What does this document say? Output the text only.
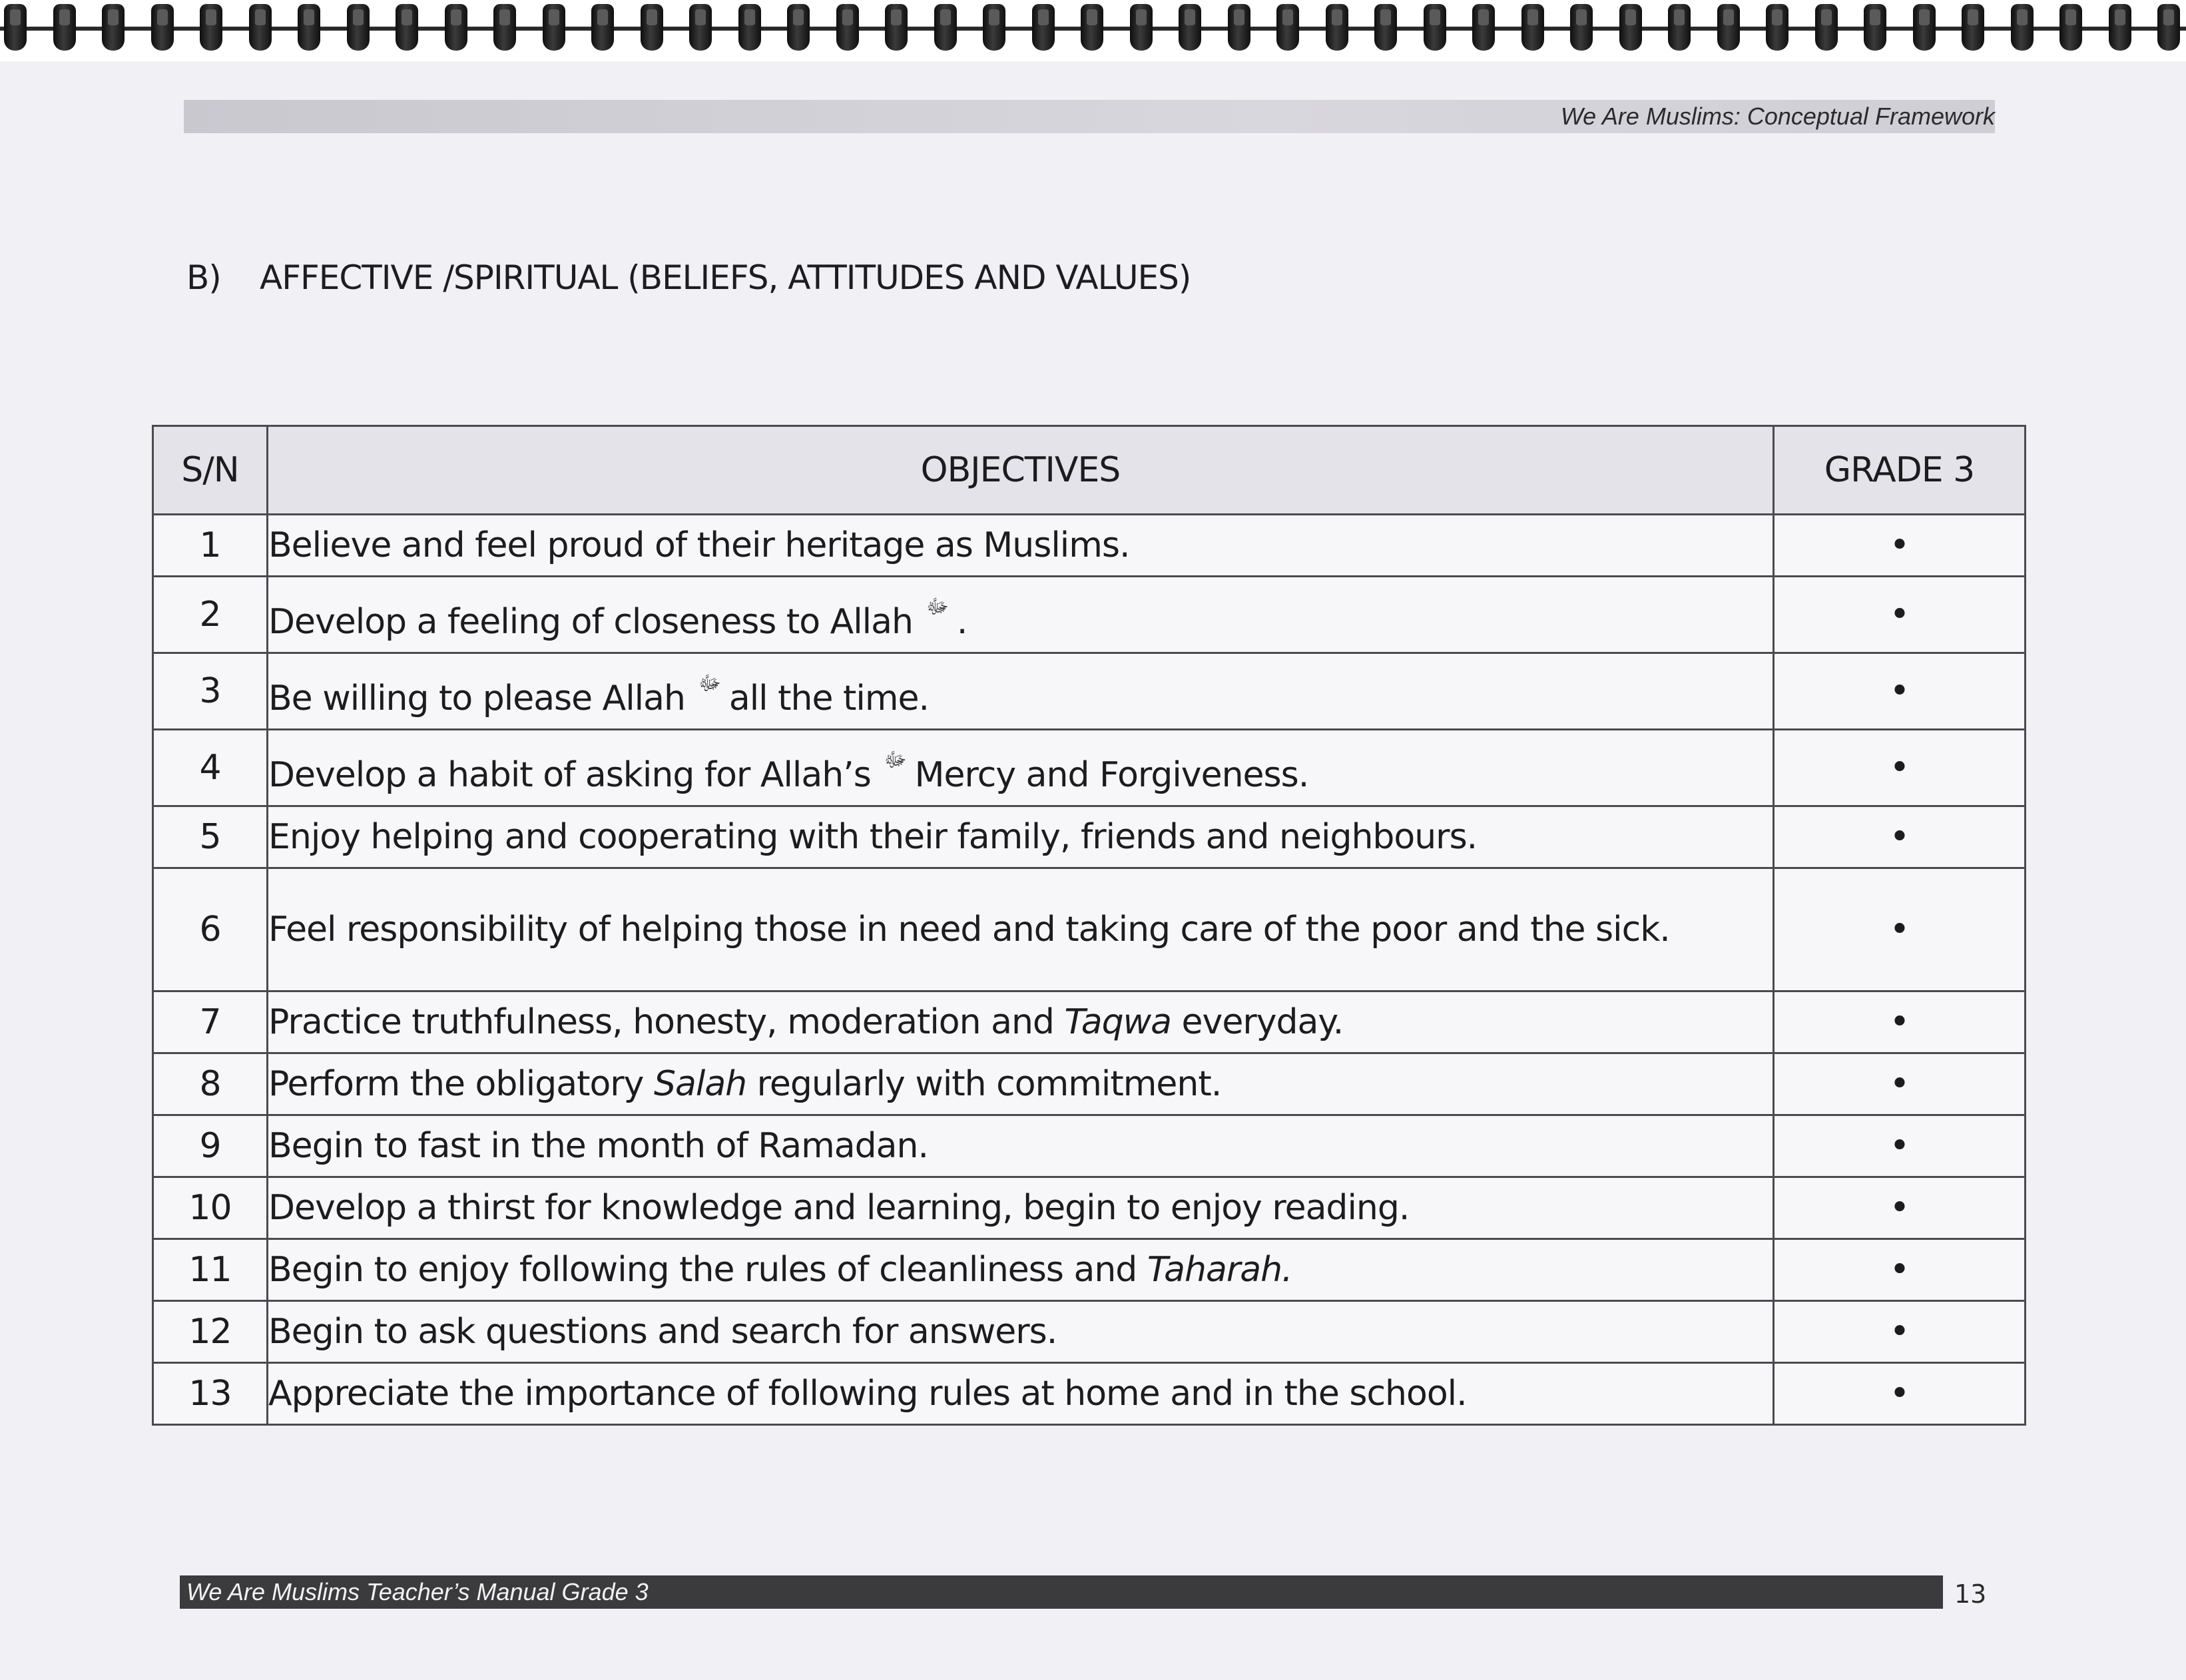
We Are Muslims: Conceptual Framework
B) AFFECTIVE /SPIRITUAL (BELIEFS, ATTITUDES AND VALUES)
S/N	OBJECTIVES	GRADE 3
1	Believe and feel proud of their heritage as Muslims.	•
2	Develop a feeling of closeness to Allah ﷻ .	•
3	Be willing to please Allah ﷻ all the time.	•
4	Develop a habit of asking for Allah’s ﷻ Mercy and Forgiveness.	•
5	Enjoy helping and cooperating with their family, friends and neighbours.	•
6	Feel responsibility of helping those in need and taking care of the poor and the sick.	•
7	Practice truthfulness, honesty, moderation and Taqwa everyday.	•
8	Perform the obligatory Salah regularly with commitment.	•
9	Begin to fast in the month of Ramadan.	•
10	Develop a thirst for knowledge and learning, begin to enjoy reading.	•
11	Begin to enjoy following the rules of cleanliness and Taharah.	•
12	Begin to ask questions and search for answers.	•
13	Appreciate the importance of following rules at home and in the school.	•
We Are Muslims Teacher’s Manual Grade 3	13
